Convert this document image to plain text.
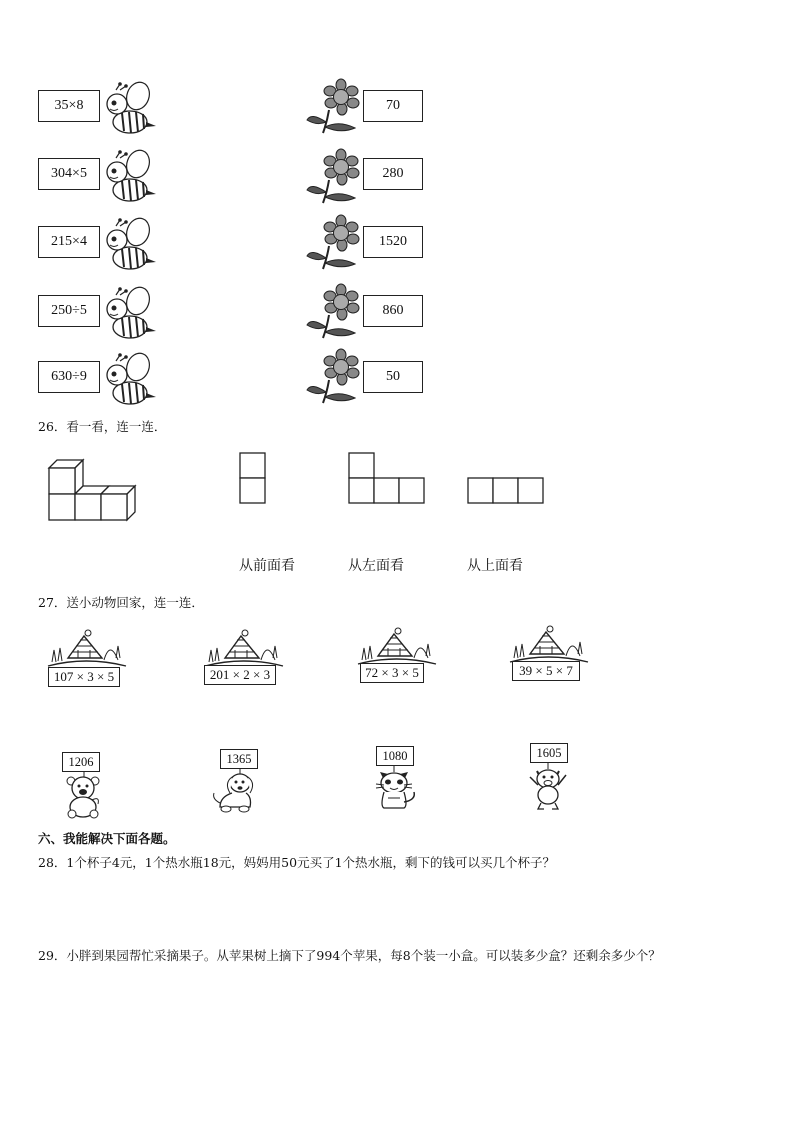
35×8
304×5
215×4
250÷5
630÷9
70
280
1520
860
50
26．看一看，连一连．
从前面看	从左面看	从上面看
27．送小动物回家，连一连．
107 × 3 × 5	201 × 2 × 3	72 × 3 × 5	39 × 5 × 7
1206	1365	1080	1605
六、我能解决下面各题。
28．1个杯子4元，1个热水瓶18元，妈妈用50元买了1个热水瓶，剩下的钱可以买几个杯子？
29．小胖到果园帮忙采摘果子。从苹果树上摘下了994个苹果，每8个装一小盒。可以装多少盒？还剩余多少个？
